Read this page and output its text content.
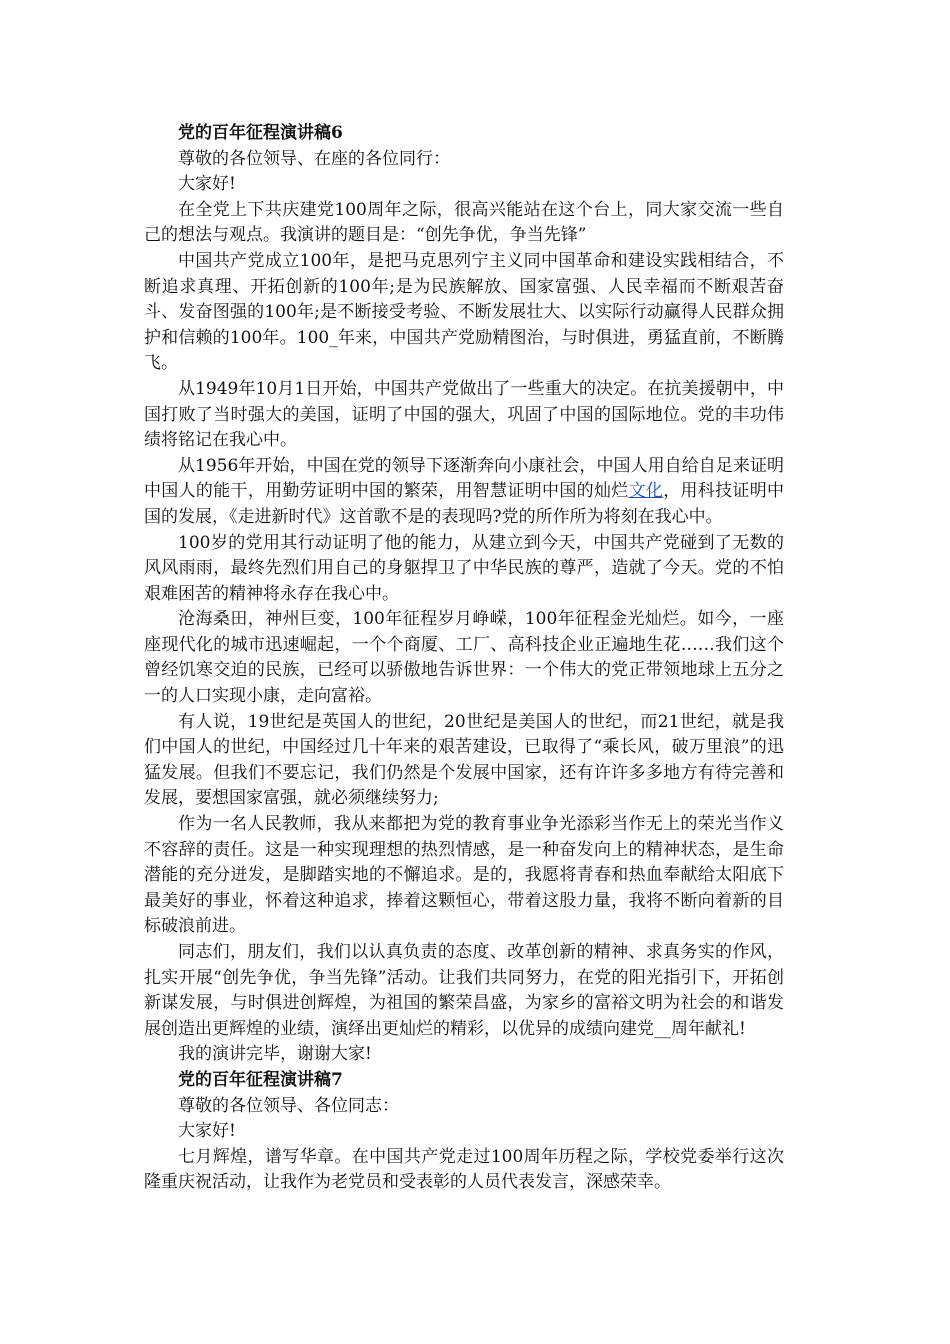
党的百年征程演讲稿6

尊敬的各位领导、在座的各位同行：

大家好!

在全党上下共庆建党100周年之际，很高兴能站在这个台上，同大家交流一些自己的想法与观点。我演讲的题目是：“创先争优，争当先锋”

中国共产党成立100年，是把马克思列宁主义同中国革命和建设实践相结合，不断追求真理、开拓创新的100年;是为民族解放、国家富强、人民幸福而不断艰苦奋斗、发奋图强的100年;是不断接受考验、不断发展壮大、以实际行动赢得人民群众拥护和信赖的100年。100_年来，中国共产党励精图治，与时俱进，勇猛直前，不断腾飞。

从1949年10月1日开始，中国共产党做出了一些重大的决定。在抗美援朝中，中国打败了当时强大的美国，证明了中国的强大，巩固了中国的国际地位。党的丰功伟绩将铭记在我心中。

从1956年开始，中国在党的领导下逐渐奔向小康社会，中国人用自给自足来证明中国人的能干，用勤劳证明中国的繁荣，用智慧证明中国的灿烂文化，用科技证明中国的发展，《走进新时代》这首歌不是的表现吗?党的所作所为将刻在我心中。

100岁的党用其行动证明了他的能力，从建立到今天，中国共产党碰到了无数的风风雨雨，最终先烈们用自己的身躯捍卫了中华民族的尊严，造就了今天。党的不怕艰难困苦的精神将永存在我心中。

沧海桑田，神州巨变，100年征程岁月峥嵘，100年征程金光灿烂。如今，一座座现代化的城市迅速崛起，一个个商厦、工厂、高科技企业正遍地生花……我们这个曾经饥寒交迫的民族，已经可以骄傲地告诉世界：一个伟大的党正带领地球上五分之一的人口实现小康，走向富裕。

有人说，19世纪是英国人的世纪，20世纪是美国人的世纪，而21世纪，就是我们中国人的世纪，中国经过几十年来的艰苦建设，已取得了“乘长风，破万里浪”的迅猛发展。但我们不要忘记，我们仍然是个发展中国家，还有许许多多地方有待完善和发展，要想国家富强，就必须继续努力;

作为一名人民教师，我从来都把为党的教育事业争光添彩当作无上的荣光当作义不容辞的责任。这是一种实现理想的热烈情感，是一种奋发向上的精神状态，是生命潜能的充分迸发，是脚踏实地的不懈追求。是的，我愿将青春和热血奉献给太阳底下最美好的事业，怀着这种追求，捧着这颗恒心，带着这股力量，我将不断向着新的目标破浪前进。

同志们，朋友们，我们以认真负责的态度、改革创新的精神、求真务实的作风，扎实开展“创先争优，争当先锋”活动。让我们共同努力，在党的阳光指引下，开拓创新谋发展，与时俱进创辉煌，为祖国的繁荣昌盛，为家乡的富裕文明为社会的和谐发展创造出更辉煌的业绩，演绎出更灿烂的精彩，以优异的成绩向建党__周年献礼!

我的演讲完毕，谢谢大家!

党的百年征程演讲稿7

尊敬的各位领导、各位同志：

大家好!

七月辉煌，谱写华章。在中国共产党走过100周年历程之际，学校党委举行这次隆重庆祝活动，让我作为老党员和受表彰的人员代表发言，深感荣幸。
